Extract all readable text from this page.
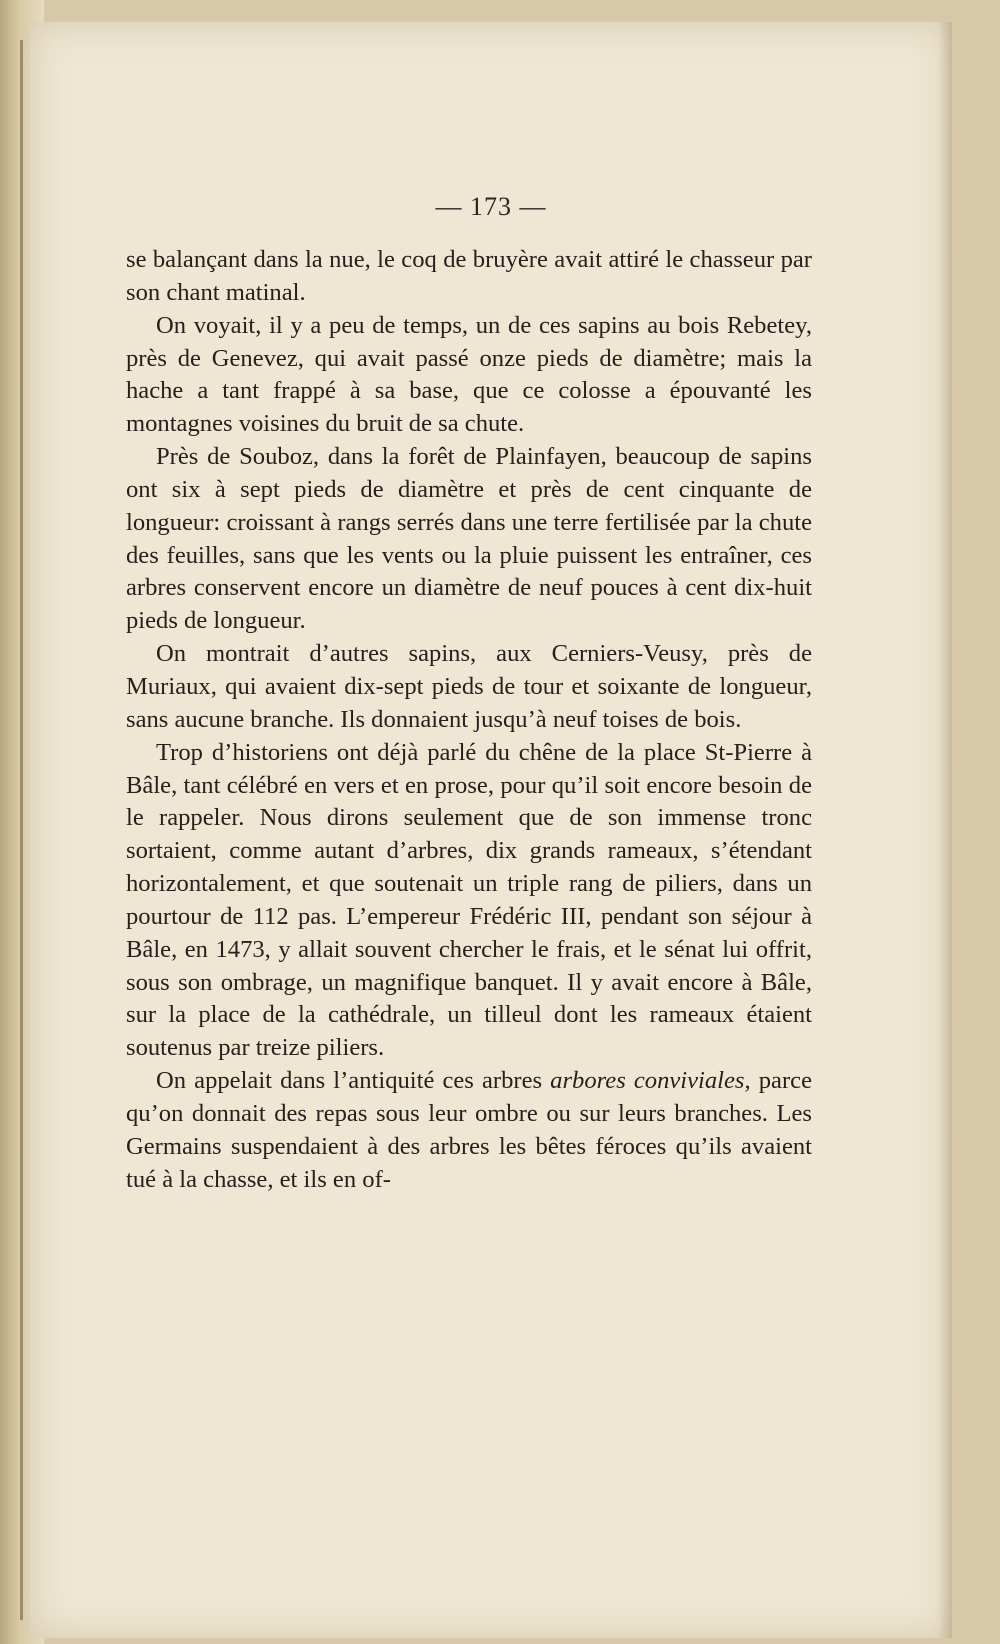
— 173 —

se balançant dans la nue, le coq de bruyère avait attiré le chasseur par son chant matinal.

On voyait, il y a peu de temps, un de ces sapins au bois Rebetey, près de Genevez, qui avait passé onze pieds de diamètre; mais la hache a tant frappé à sa base, que ce colosse a épouvanté les montagnes voisines du bruit de sa chute.

Près de Souboz, dans la forêt de Plainfayen, beaucoup de sapins ont six à sept pieds de diamètre et près de cent cinquante de longueur: croissant à rangs serrés dans une terre fertilisée par la chute des feuilles, sans que les vents ou la pluie puissent les entraîner, ces arbres conservent encore un diamètre de neuf pouces à cent dix-huit pieds de longueur.

On montrait d’autres sapins, aux Cerniers-Veusy, près de Muriaux, qui avaient dix-sept pieds de tour et soixante de longueur, sans aucune branche. Ils donnaient jusqu’à neuf toises de bois.

Trop d’historiens ont déjà parlé du chêne de la place St-Pierre à Bâle, tant célébré en vers et en prose, pour qu’il soit encore besoin de le rappeler. Nous dirons seulement que de son immense tronc sortaient, comme autant d’arbres, dix grands rameaux, s’étendant horizontalement, et que soutenait un triple rang de piliers, dans un pourtour de 112 pas. L’empereur Frédéric III, pendant son séjour à Bâle, en 1473, y allait souvent chercher le frais, et le sénat lui offrit, sous son ombrage, un magnifique banquet. Il y avait encore à Bâle, sur la place de la cathédrale, un tilleul dont les rameaux étaient soutenus par treize piliers.

On appelait dans l’antiquité ces arbres arbores conviviales, parce qu’on donnait des repas sous leur ombre ou sur leurs branches. Les Germains suspendaient à des arbres les bêtes féroces qu’ils avaient tué à la chasse, et ils en of-
